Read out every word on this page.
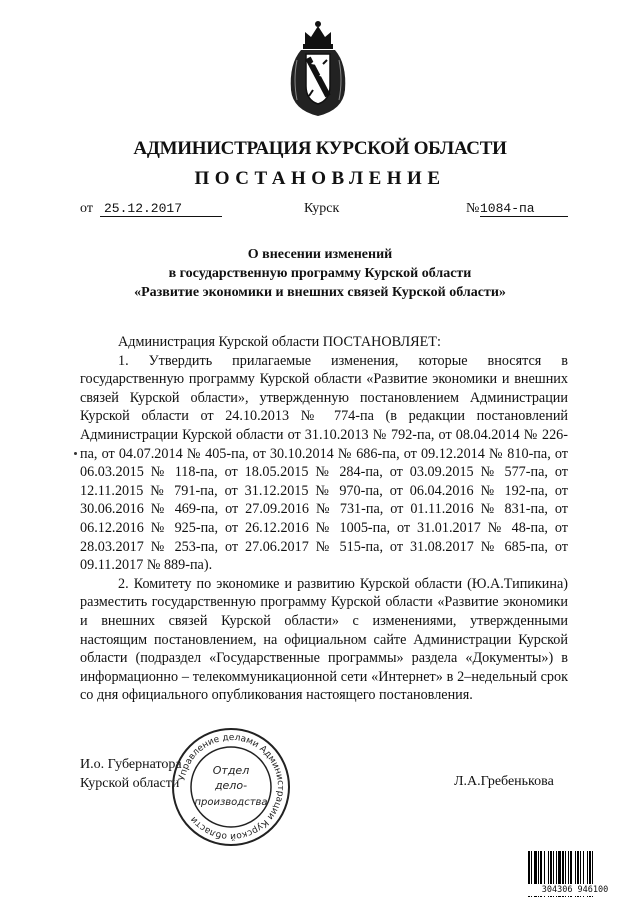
АДМИНИСТРАЦИЯ КУРСКОЙ ОБЛАСТИ
ПОСТАНОВЛЕНИЕ
от 25.12.2017	Курск	№ 1084-па
О внесении изменений
в государственную программу Курской области
«Развитие экономики и внешних связей Курской области»

Администрация Курской области ПОСТАНОВЛЯЕТ:

1. Утвердить прилагаемые изменения, которые вносятся в государственную программу Курской области «Развитие экономики и внешних связей Курской области», утвержденную постановлением Администрации Курской области от 24.10.2013 № 774-па (в редакции постановлений Администрации Курской области от 31.10.2013 № 792-па, от 08.04.2014 № 226-па, от 04.07.2014 № 405-па, от 30.10.2014 № 686-па, от 09.12.2014 № 810-па, от 06.03.2015 № 118-па, от 18.05.2015 № 284-па, от 03.09.2015 № 577-па, от 12.11.2015 № 791-па, от 31.12.2015 № 970-па, от 06.04.2016 № 192-па, от 30.06.2016 № 469-па, от 27.09.2016 № 731-па, от 01.11.2016 № 831-па, от 06.12.2016 № 925-па, от 26.12.2016 № 1005-па, от 31.01.2017 № 48-па, от 28.03.2017 № 253-па, от 27.06.2017 № 515-па, от 31.08.2017 № 685-па, от 09.11.2017 № 889-па).

2. Комитету по экономике и развитию Курской области (Ю.А.Типикина) разместить государственную программу Курской области «Развитие экономики и внешних связей Курской области» с изменениями, утвержденными настоящим постановлением, на официальном сайте Администрации Курской области (подраздел «Государственные программы» раздела «Документы») в информационно – телекоммуникационной сети «Интернет» в 2–недельный срок со дня официального опубликования настоящего постановления.

И.о. Губернатора
Курской области	Л.А.Гребенькова
Управление делами Администрации Курской области
Отдел
дело-
производства
304306 946100
